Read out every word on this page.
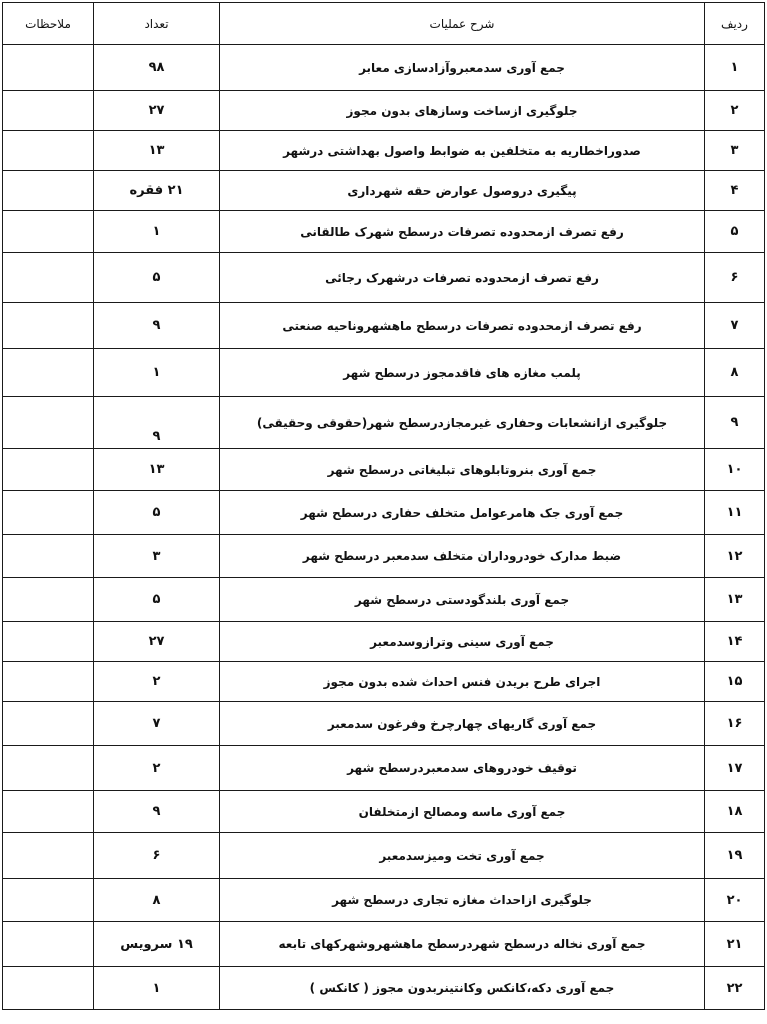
ردیف	شرح عملیات	تعداد	ملاحظات
۱	جمع آوری سدمعبروآزادسازی معابر	۹۸	
۲	جلوگیری ازساخت وسازهای بدون مجوز	۲۷	
۳	صدوراخطاریه به متخلفین به ضوابط واصول بهداشتی درشهر	۱۳	
۴	پیگیری دروصول عوارض حقه شهرداری	۲۱ فقره	
۵	رفع تصرف ازمحدوده تصرفات درسطح شهرک طالقانی	۱	
۶	رفع تصرف ازمحدوده تصرفات درشهرک رجائی	۵	
۷	رفع تصرف ازمحدوده تصرفات درسطح ماهشهروناحیه صنعتی	۹	
۸	پلمب مغازه های فاقدمجوز درسطح شهر	۱	
۹	جلوگیری ازانشعابات وحفاری غیرمجازدرسطح شهر(حقوقی وحقیقی)	۹	
۱۰	جمع آوری بنروتابلوهای تبلیغاتی درسطح شهر	۱۳	
۱۱	جمع آوری جک هامرعوامل متخلف حفاری درسطح شهر	۵	
۱۲	ضبط مدارک خودروداران متخلف سدمعبر درسطح شهر	۳	
۱۳	جمع آوری بلندگودستی درسطح شهر	۵	
۱۴	جمع آوری سینی وترازوسدمعبر	۲۷	
۱۵	اجرای طرح بریدن فنس احداث شده بدون مجوز	۲	
۱۶	جمع آوری گاریهای چهارچرخ وفرغون سدمعبر	۷	
۱۷	توقیف خودروهای سدمعبردرسطح شهر	۲	
۱۸	جمع آوری ماسه ومصالح ازمتخلفان	۹	
۱۹	جمع آوری تخت ومیزسدمعبر	۶	
۲۰	جلوگیری ازاحداث مغازه تجاری درسطح شهر	۸	
۲۱	جمع آوری نخاله درسطح شهردرسطح ماهشهروشهرکهای تابعه	۱۹ سرویس	
۲۲	جمع آوری دکه،کانکس وکانتینربدون مجوز ( کانکس )	۱	
